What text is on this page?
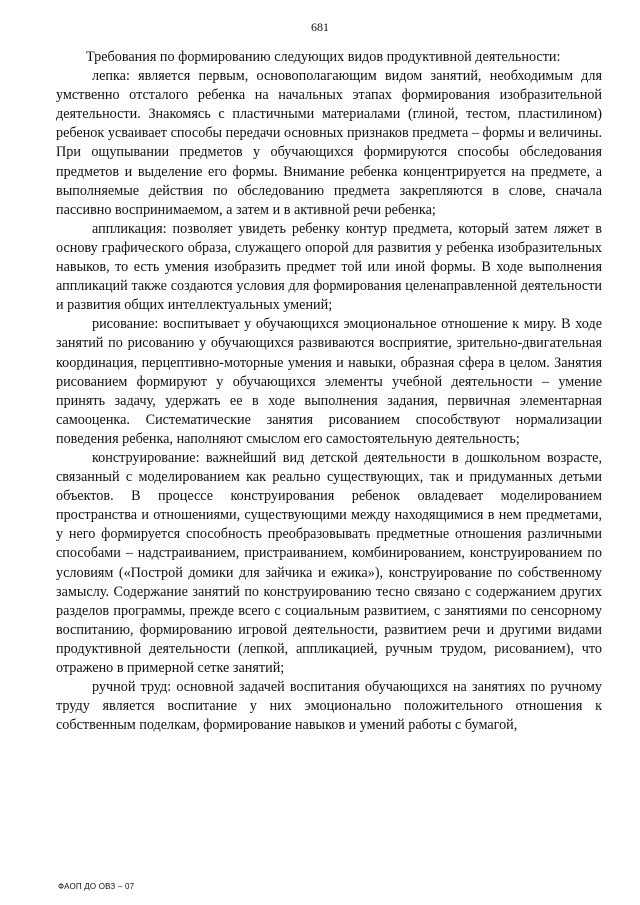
681

Требования по формированию следующих видов продуктивной деятельности:

лепка: является первым, основополагающим видом занятий, необходимым для умственно отсталого ребенка на начальных этапах формирования изобразительной деятельности. Знакомясь с пластичными материалами (глиной, тестом, пластилином) ребенок усваивает способы передачи основных признаков предмета – формы и величины. При ощупывании предметов у обучающихся формируются способы обследования предметов и выделение его формы. Внимание ребенка концентрируется на предмете, а выполняемые действия по обследованию предмета закрепляются в слове, сначала пассивно воспринимаемом, а затем и в активной речи ребенка;

аппликация: позволяет увидеть ребенку контур предмета, который затем ляжет в основу графического образа, служащего опорой для развития у ребенка изобразительных навыков, то есть умения изобразить предмет той или иной формы. В ходе выполнения аппликаций также создаются условия для формирования целенаправленной деятельности и развития общих интеллектуальных умений;

рисование: воспитывает у обучающихся эмоциональное отношение к миру. В ходе занятий по рисованию у обучающихся развиваются восприятие, зрительно-двигательная координация, перцептивно-моторные умения и навыки, образная сфера в целом. Занятия рисованием формируют у обучающихся элементы учебной деятельности – умение принять задачу, удержать ее в ходе выполнения задания, первичная элементарная самооценка. Систематические занятия рисованием способствуют нормализации поведения ребенка, наполняют смыслом его самостоятельную деятельность;

конструирование: важнейший вид детской деятельности в дошкольном возрасте, связанный с моделированием как реально существующих, так и придуманных детьми объектов. В процессе конструирования ребенок овладевает моделированием пространства и отношениями, существующими между находящимися в нем предметами, у него формируется способность преобразовывать предметные отношения различными способами – надстраиванием, пристраиванием, комбинированием, конструированием по условиям («Построй домики для зайчика и ежика»), конструирование по собственному замыслу. Содержание занятий по конструированию тесно связано с содержанием других разделов программы, прежде всего с социальным развитием, с занятиями по сенсорному воспитанию, формированию игровой деятельности, развитием речи и другими видами продуктивной деятельности (лепкой, аппликацией, ручным трудом, рисованием), что отражено в примерной сетке занятий;

ручной труд: основной задачей воспитания обучающихся на занятиях по ручному труду является воспитание у них эмоционально положительного отношения к собственным поделкам, формирование навыков и умений работы с бумагой,

ФАОП ДО ОВЗ – 07
